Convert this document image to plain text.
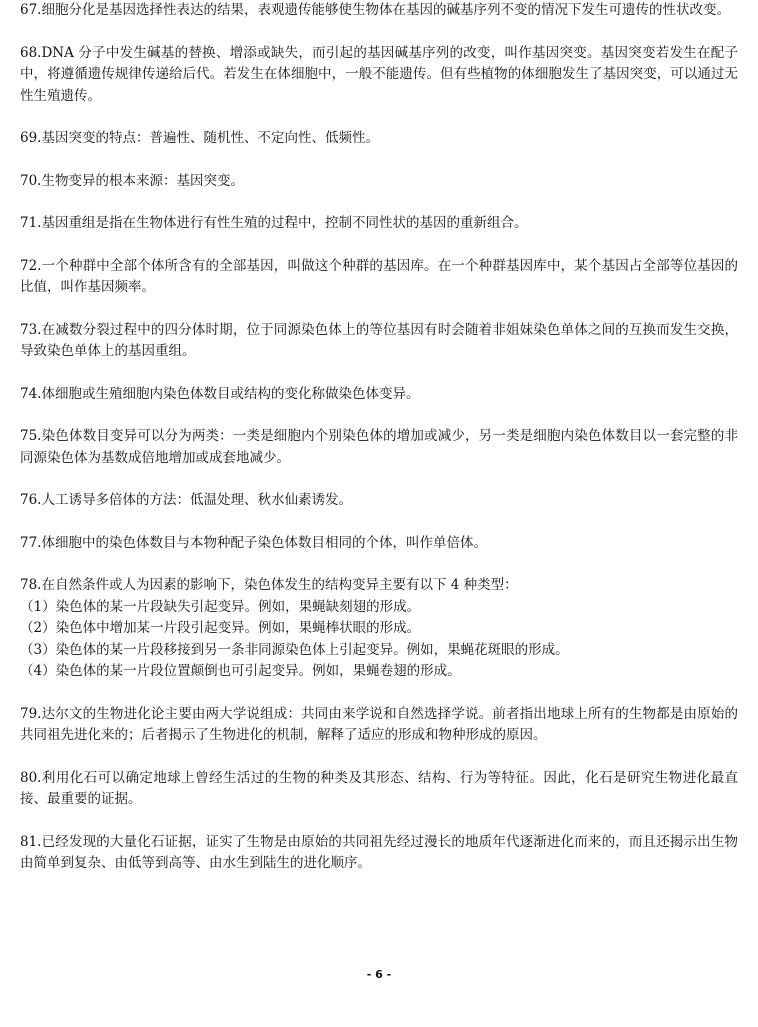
67.细胞分化是基因选择性表达的结果，表观遗传能够使生物体在基因的碱基序列不变的情况下发生可遗传的性状改变。

68.DNA 分子中发生碱基的替换、增添或缺失，而引起的基因碱基序列的改变，叫作基因突变。基因突变若发生在配子中，将遵循遗传规律传递给后代。若发生在体细胞中，一般不能遗传。但有些植物的体细胞发生了基因突变，可以通过无性生殖遗传。

69.基因突变的特点：普遍性、随机性、不定向性、低频性。

70.生物变异的根本来源：基因突变。

71.基因重组是指在生物体进行有性生殖的过程中，控制不同性状的基因的重新组合。

72.一个种群中全部个体所含有的全部基因，叫做这个种群的基因库。在一个种群基因库中，某个基因占全部等位基因的比值，叫作基因频率。

73.在减数分裂过程中的四分体时期，位于同源染色体上的等位基因有时会随着非姐妹染色单体之间的互换而发生交换，导致染色单体上的基因重组。

74.体细胞或生殖细胞内染色体数目或结构的变化称做染色体变异。

75.染色体数目变异可以分为两类：一类是细胞内个别染色体的增加或减少，另一类是细胞内染色体数目以一套完整的非同源染色体为基数成倍地增加或成套地减少。

76.人工诱导多倍体的方法：低温处理、秋水仙素诱发。

77.体细胞中的染色体数目与本物种配子染色体数目相同的个体，叫作单倍体。

78.在自然条件或人为因素的影响下，染色体发生的结构变异主要有以下 4 种类型：
（1）染色体的某一片段缺失引起变异。例如，果蝇缺刻翅的形成。
（2）染色体中增加某一片段引起变异。例如，果蝇棒状眼的形成。
（3）染色体的某一片段移接到另一条非同源染色体上引起变异。例如，果蝇花斑眼的形成。
（4）染色体的某一片段位置颠倒也可引起变异。例如，果蝇卷翅的形成。

79.达尔文的生物进化论主要由两大学说组成：共同由来学说和自然选择学说。前者指出地球上所有的生物都是由原始的共同祖先进化来的；后者揭示了生物进化的机制，解释了适应的形成和物种形成的原因。

80.利用化石可以确定地球上曾经生活过的生物的种类及其形态、结构、行为等特征。因此，化石是研究生物进化最直接、最重要的证据。

81.已经发现的大量化石证据，证实了生物是由原始的共同祖先经过漫长的地质年代逐渐进化而来的，而且还揭示出生物由简单到复杂、由低等到高等、由水生到陆生的进化顺序。

- 6 -
